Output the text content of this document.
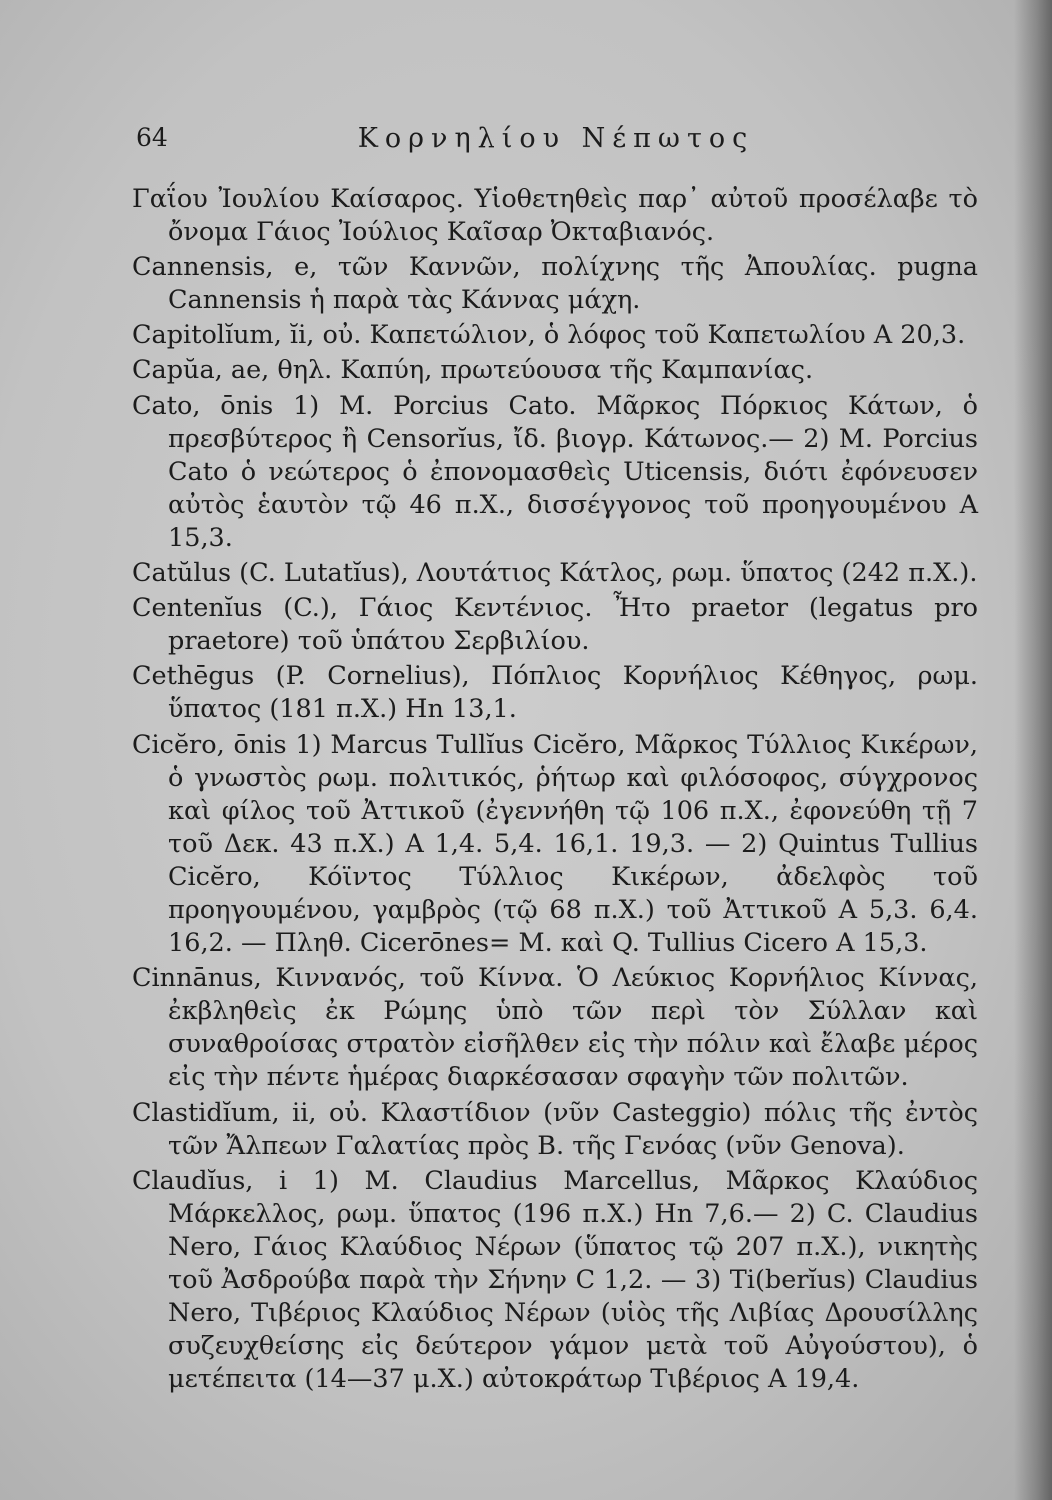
64	Κορνηλίου Νέπωτος
Γαΐου Ἰουλίου Καίσαρος. Υἱοθετηθεὶς παρ᾽ αὐτοῦ προσέλαβε τὸ ὄνομα Γάιος Ἰούλιος Καῖσαρ Ὀκταβιανός.
Cannensis, e, τῶν Καννῶν, πολίχνης τῆς Ἀπουλίας. pugna Cannensis ἡ παρὰ τὰς Κάννας μάχη.
Capitolĭum, ĭi, οὐ. Καπετώλιον, ὁ λόφος τοῦ Καπετωλίου Α 20,3.
Capŭa, ae, θηλ. Καπύη, πρωτεύουσα τῆς Καμπανίας.
Cato, ōnis 1) M. Porcius Cato. Μᾶρκος Πόρκιος Κάτων, ὁ πρεσβύτερος ἢ Censorĭus, ἴδ. βιογρ. Κάτωνος.— 2) M. Porcius Cato ὁ νεώτερος ὁ ἐπονομασθεὶς Uticensis, διότι ἐφόνευσεν αὐτὸς ἑαυτὸν τῷ 46 π.Χ., δισσέγγονος τοῦ προηγουμένου Α 15,3.
Catŭlus (C. Lutatĭus), Λουτάτιος Κάτλος, ρωμ. ὕπατος (242 π.Χ.).
Centenĭus (C.), Γάιος Κεντένιος. Ἦτο praetor (legatus pro praetore) τοῦ ὑπάτου Σερβιλίου.
Cethēgus (P. Cornelius), Πόπλιος Κορνήλιος Κέθηγος, ρωμ. ὕπατος (181 π.Χ.) Hn 13,1.
Cicĕro, ōnis 1) Marcus Tullĭus Cicĕro, Μᾶρκος Τύλλιος Κικέρων, ὁ γνωστὸς ρωμ. πολιτικός, ῥήτωρ καὶ φιλόσοφος, σύγχρονος καὶ φίλος τοῦ Ἀττικοῦ (ἐγεννήθη τῷ 106 π.Χ., ἐφονεύθη τῇ 7 τοῦ Δεκ. 43 π.Χ.) Α 1,4. 5,4. 16,1. 19,3. — 2) Quintus Tullius Cicĕro, Κόϊντος Τύλλιος Κικέρων, ἀδελφὸς τοῦ προηγουμένου, γαμβρὸς (τῷ 68 π.Χ.) τοῦ Ἀττικοῦ Α 5,3. 6,4. 16,2. — Πληθ. Cicerōnes= M. καὶ Q. Tullius Cicero Α 15,3.
Cinnānus, Κιννανός, τοῦ Κίννα. Ὁ Λεύκιος Κορνήλιος Κίννας, ἐκβληθεὶς ἐκ Ρώμης ὑπὸ τῶν περὶ τὸν Σύλλαν καὶ συναθροίσας στρατὸν εἰσῆλθεν εἰς τὴν πόλιν καὶ ἔλαβε μέρος εἰς τὴν πέντε ἡμέρας διαρκέσασαν σφαγὴν τῶν πολιτῶν.
Clastidĭum, ii, οὐ. Κλαστίδιον (νῦν Casteggio) πόλις τῆς ἐντὸς τῶν Ἄλπεων Γαλατίας πρὸς Β. τῆς Γενόας (νῦν Genova).
Claudĭus, i 1) M. Claudius Marcellus, Μᾶρκος Κλαύδιος Μάρκελλος, ρωμ. ὕπατος (196 π.Χ.) Hn 7,6.— 2) C. Claudius Nero, Γάιος Κλαύδιος Νέρων (ὕπατος τῷ 207 π.Χ.), νικητὴς τοῦ Ἀσδρούβα παρὰ τὴν Σήνην C 1,2. — 3) Ti(berĭus) Claudius Nero, Τιβέριος Κλαύδιος Νέρων (υἱὸς τῆς Λιβίας Δρουσίλλης συζευχθείσης εἰς δεύτερον γάμον μετὰ τοῦ Αὐγούστου), ὁ μετέπειτα (14—37 μ.Χ.) αὐτοκράτωρ Τιβέριος Α 19,4.
